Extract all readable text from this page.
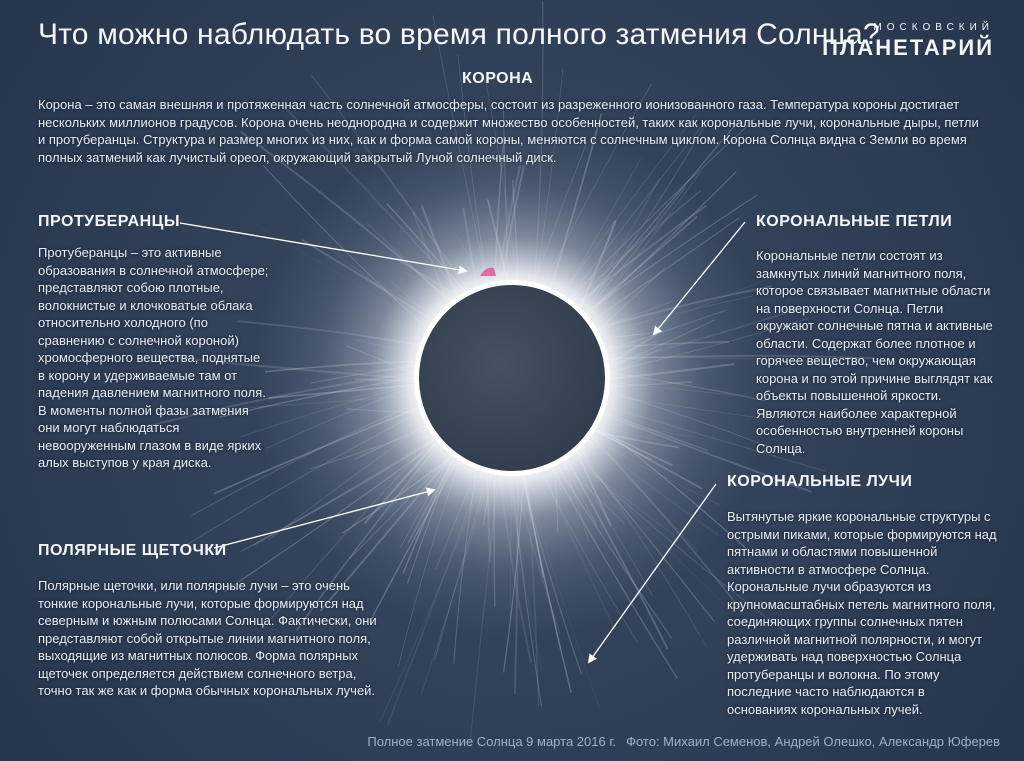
Что можно наблюдать во время полного затмения Солнца?
МОСКОВСКИЙ
ПЛАНЕТАРИЙ
КОРОНА
Корона – это самая внешняя и протяженная часть солнечной атмосферы, состоит из разреженного ионизованного газа. Температура короны достигает нескольких миллионов градусов. Корона очень неоднородна и содержит множество особенностей, таких как корональные лучи, корональные дыры, петли и протуберанцы. Структура и размер многих из них, как и форма самой короны, меняются с солнечным циклом. Корона Солнца видна с Земли во время полных затмений как лучистый ореол, окружающий закрытый Луной солнечный диск.
ПРОТУБЕРАНЦЫ
Протуберанцы – это активные образования в солнечной атмосфере; представляют собою плотные, волокнистые и клочковатые облака относительно холодного (по сравнению с солнечной короной) хромосферного вещества, поднятые в корону и удерживаемые там от падения давлением магнитного поля. В моменты полной фазы затмения они могут наблюдаться невооруженным глазом в виде ярких алых выступов у края диска.
КОРОНАЛЬНЫЕ ПЕТЛИ
Корональные петли состоят из замкнутых линий магнитного поля, которое связывает магнитные области на поверхности Солнца. Петли окружают солнечные пятна и активные области. Содержат более плотное и горячее вещество, чем окружающая корона и по этой причине выглядят как объекты повышенной яркости. Являются наиболее характерной особенностью внутренней короны Солнца.
ПОЛЯРНЫЕ ЩЕТОЧКИ
Полярные щеточки, или полярные лучи – это очень тонкие корональные лучи, которые формируются над северным и южным полюсами Солнца. Фактически, они представляют собой открытые линии магнитного поля, выходящие из магнитных полюсов. Форма полярных щеточек определяется действием солнечного ветра, точно так же как и форма обычных корональных лучей.
КОРОНАЛЬНЫЕ ЛУЧИ
Вытянутые яркие корональные структуры с острыми пиками, которые формируются над пятнами и областями повышенной активности в атмосфере Солнца. Корональные лучи образуются из крупномасштабных петель магнитного поля, соединяющих группы солнечных пятен различной магнитной полярности, и могут удерживать над поверхностью Солнца протуберанцы и волокна. По этому последние часто наблюдаются в основаниях корональных лучей.
Полное затмение Солнца 9 марта 2016 г. Фото: Михаил Семенов, Андрей Олешко, Александр Юферев
